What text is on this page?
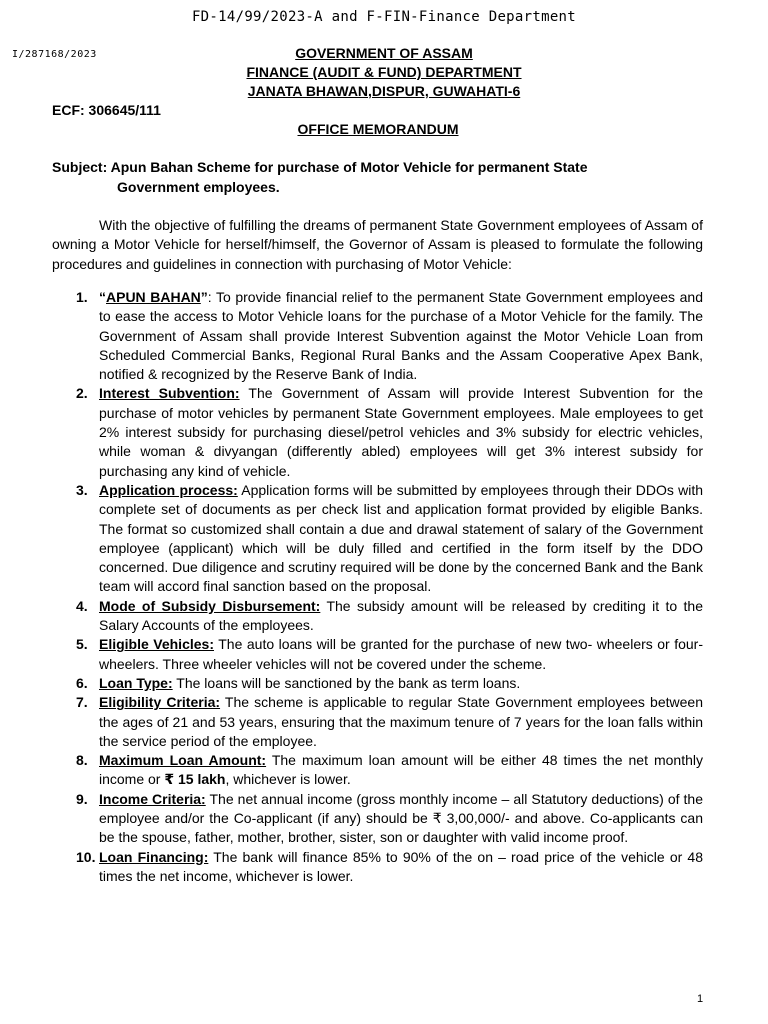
FD-14/99/2023-A and F-FIN-Finance Department
I/287168/2023	GOVERNMENT OF ASSAM
FINANCE (AUDIT & FUND) DEPARTMENT
JANATA BHAWAN,DISPUR, GUWAHATI-6
ECF: 306645/111
OFFICE MEMORANDUM
Subject: Apun Bahan Scheme for purchase of Motor Vehicle for permanent State
Government employees.

With the objective of fulfilling the dreams of permanent State Government employees of Assam of owning a Motor Vehicle for herself/himself, the Governor of Assam is pleased to formulate the following procedures and guidelines in connection with purchasing of Motor Vehicle:

1. “APUN BAHAN”: To provide financial relief to the permanent State Government employees and to ease the access to Motor Vehicle loans for the purchase of a Motor Vehicle for the family. The Government of Assam shall provide Interest Subvention against the Motor Vehicle Loan from Scheduled Commercial Banks, Regional Rural Banks and the Assam Cooperative Apex Bank, notified & recognized by the Reserve Bank of India.
2. Interest Subvention: The Government of Assam will provide Interest Subvention for the purchase of motor vehicles by permanent State Government employees. Male employees to get 2% interest subsidy for purchasing diesel/petrol vehicles and 3% subsidy for electric vehicles, while woman & divyangan (differently abled) employees will get 3% interest subsidy for purchasing any kind of vehicle.
3. Application process: Application forms will be submitted by employees through their DDOs with complete set of documents as per check list and application format provided by eligible Banks. The format so customized shall contain a due and drawal statement of salary of the Government employee (applicant) which will be duly filled and certified in the form itself by the DDO concerned. Due diligence and scrutiny required will be done by the concerned Bank and the Bank team will accord final sanction based on the proposal.
4. Mode of Subsidy Disbursement: The subsidy amount will be released by crediting it to the Salary Accounts of the employees.
5. Eligible Vehicles: The auto loans will be granted for the purchase of new two- wheelers or four-wheelers. Three wheeler vehicles will not be covered under the scheme.
6. Loan Type: The loans will be sanctioned by the bank as term loans.
7. Eligibility Criteria: The scheme is applicable to regular State Government employees between the ages of 21 and 53 years, ensuring that the maximum tenure of 7 years for the loan falls within the service period of the employee.
8. Maximum Loan Amount: The maximum loan amount will be either 48 times the net monthly income or ₹ 15 lakh, whichever is lower.
9. Income Criteria: The net annual income (gross monthly income – all Statutory deductions) of the employee and/or the Co-applicant (if any) should be ₹ 3,00,000/- and above. Co-applicants can be the spouse, father, mother, brother, sister, son or daughter with valid income proof.
10. Loan Financing: The bank will finance 85% to 90% of the on – road price of the vehicle or 48 times the net income, whichever is lower.
1
